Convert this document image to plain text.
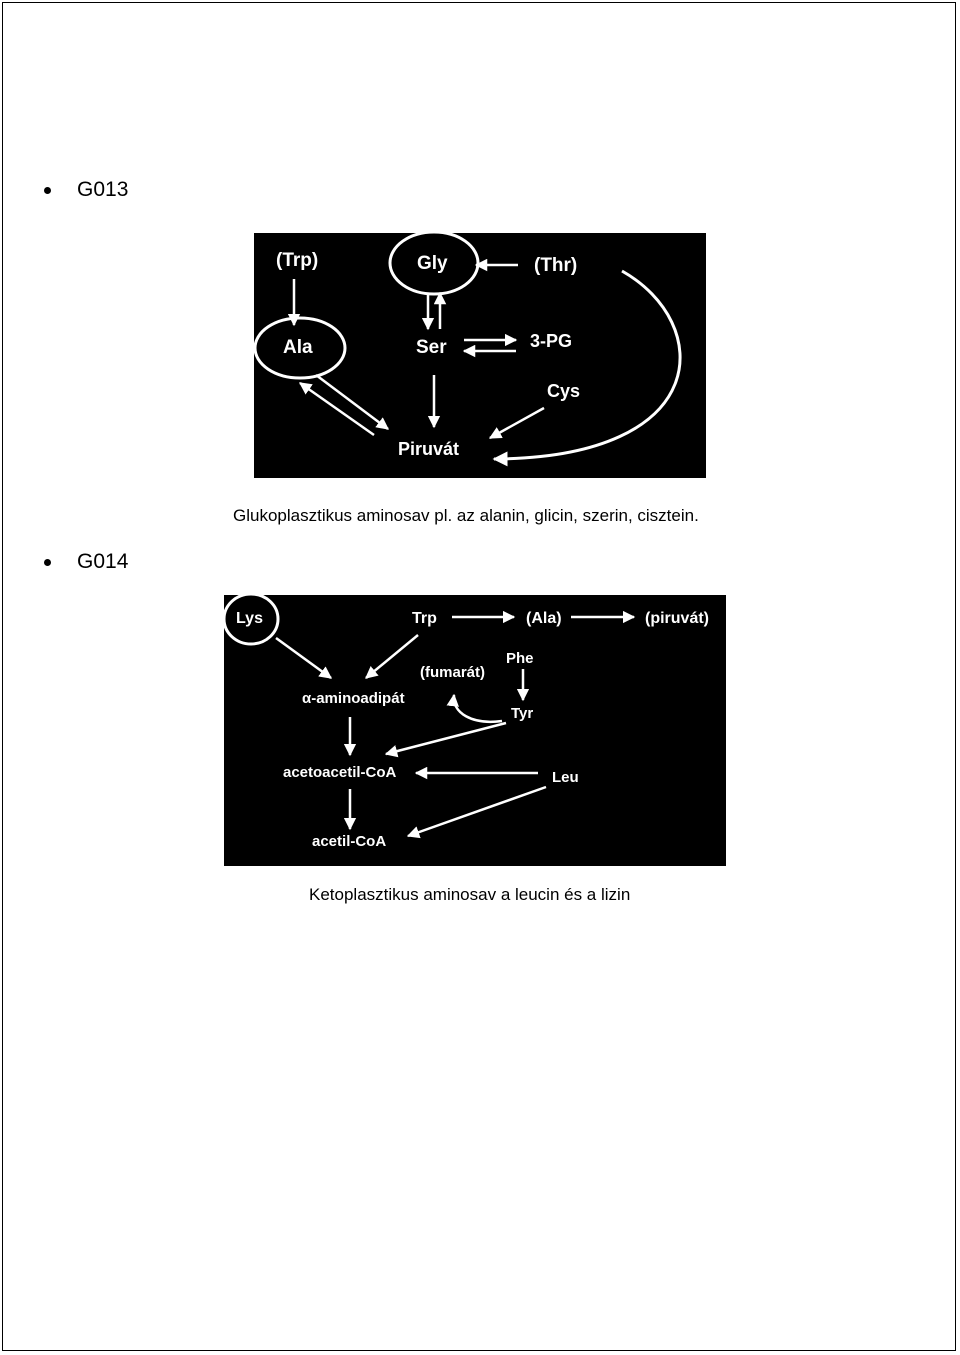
G013
(Trp)	Gly	(Thr)
Ala	Ser	3-PG
Cys
Piruvát
Glukoplasztikus aminosav pl. az alanin, glicin, szerin, cisztein.
G014
Lys	Trp	(Ala)	(piruvát)
(fumarát)
Phe
α-aminoadipát
Tyr
acetoacetil-CoA	Leu
acetil-CoA
Ketoplasztikus aminosav a leucin és a lizin
